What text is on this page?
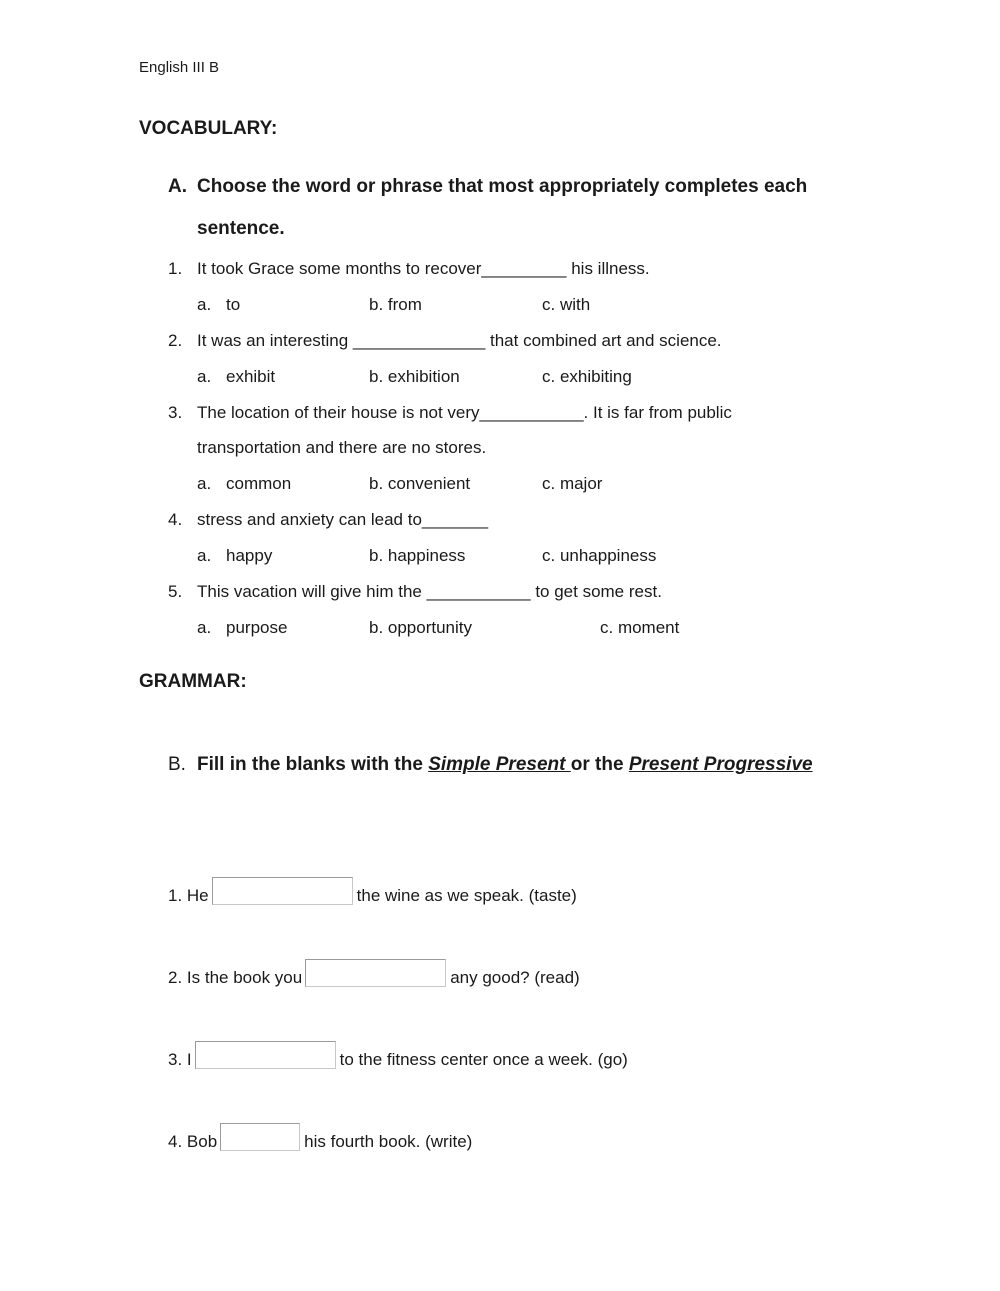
English III B
VOCABULARY:
A. Choose the word or phrase that most appropriately completes each
sentence.
1. It took Grace some months to recover_________ his illness.
a. to	b. from	c. with
2. It was an interesting ______________ that combined art and science.
a. exhibit	b. exhibition	c. exhibiting
3. The location of their house is not very___________. It is far from public
transportation and there are no stores.
a. common	b. convenient	c. major
4. stress and anxiety can lead to_______
a. happy	b. happiness	c. unhappiness
5. This vacation will give him the ___________ to get some rest.
a. purpose	b. opportunity	c. moment
GRAMMAR:
B. Fill in the blanks with the Simple Present or the Present Progressive
1. He	the wine as we speak. (taste)
2. Is the book you	any good? (read)
3. I	to the fitness center once a week. (go)
4. Bob	his fourth book. (write)
